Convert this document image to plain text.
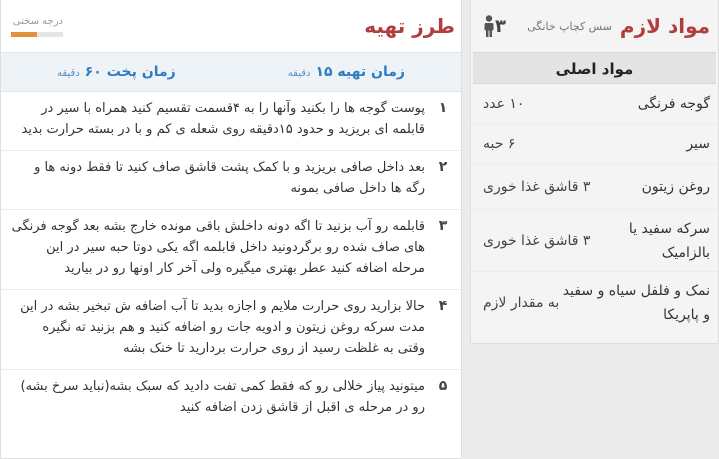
مواد لازم
سس کچاپ خانگی
۳
مواد اصلی
گوجه فرنگی
۱۰ عدد
سیر
۶ حبه
روغن زیتون
۳ قاشق غذا خوری
سرکه سفید یا بالزامیک
۳ قاشق غذا خوری
نمک و فلفل سیاه و سفید و پاپریکا
به مقدار لازم
طرز تهیه
درجه سختی
زمان تهیه ۱۵
دقیقه
زمان پخت ۶۰
دقیقه
۱
پوست گوجه ها را بکنید وآنها را به ۴قسمت تقسیم کنید همراه با سیر در قابلمه ای بریزید و حدود ۱۵دقیقه روی شعله ی کم و با در بسته حرارت بدید
۲
بعد داخل صافی بریزید و با کمک پشت قاشق صاف کنید تا فقط دونه ها و رگه ها داخل صافی بمونه
۳
قابلمه رو آب بزنید تا اگه دونه داخلش باقی مونده خارج بشه بعد گوجه فرنگی های صاف شده رو برگردونید داخل قابلمه اگه یکی دوتا حبه سیر در این مرحله اضافه کنید عطر بهتری میگیره ولی آخر کار اونها رو در بیارید
۴
حالا بزارید روی حرارت ملایم و اجازه بدید تا آب اضافه ش تبخیر بشه در این مدت سرکه روغن زیتون و ادویه جات رو اضافه کنید و هم بزنید ته نگیره وقتی به غلظت رسید از روی حرارت بردارید تا خنک بشه
۵
میتونید پیاز خلالی رو که فقط کمی تفت دادید که سبک بشه(نباید سرخ بشه) رو در مرحله ی اقبل از قاشق زدن اضافه کنید
